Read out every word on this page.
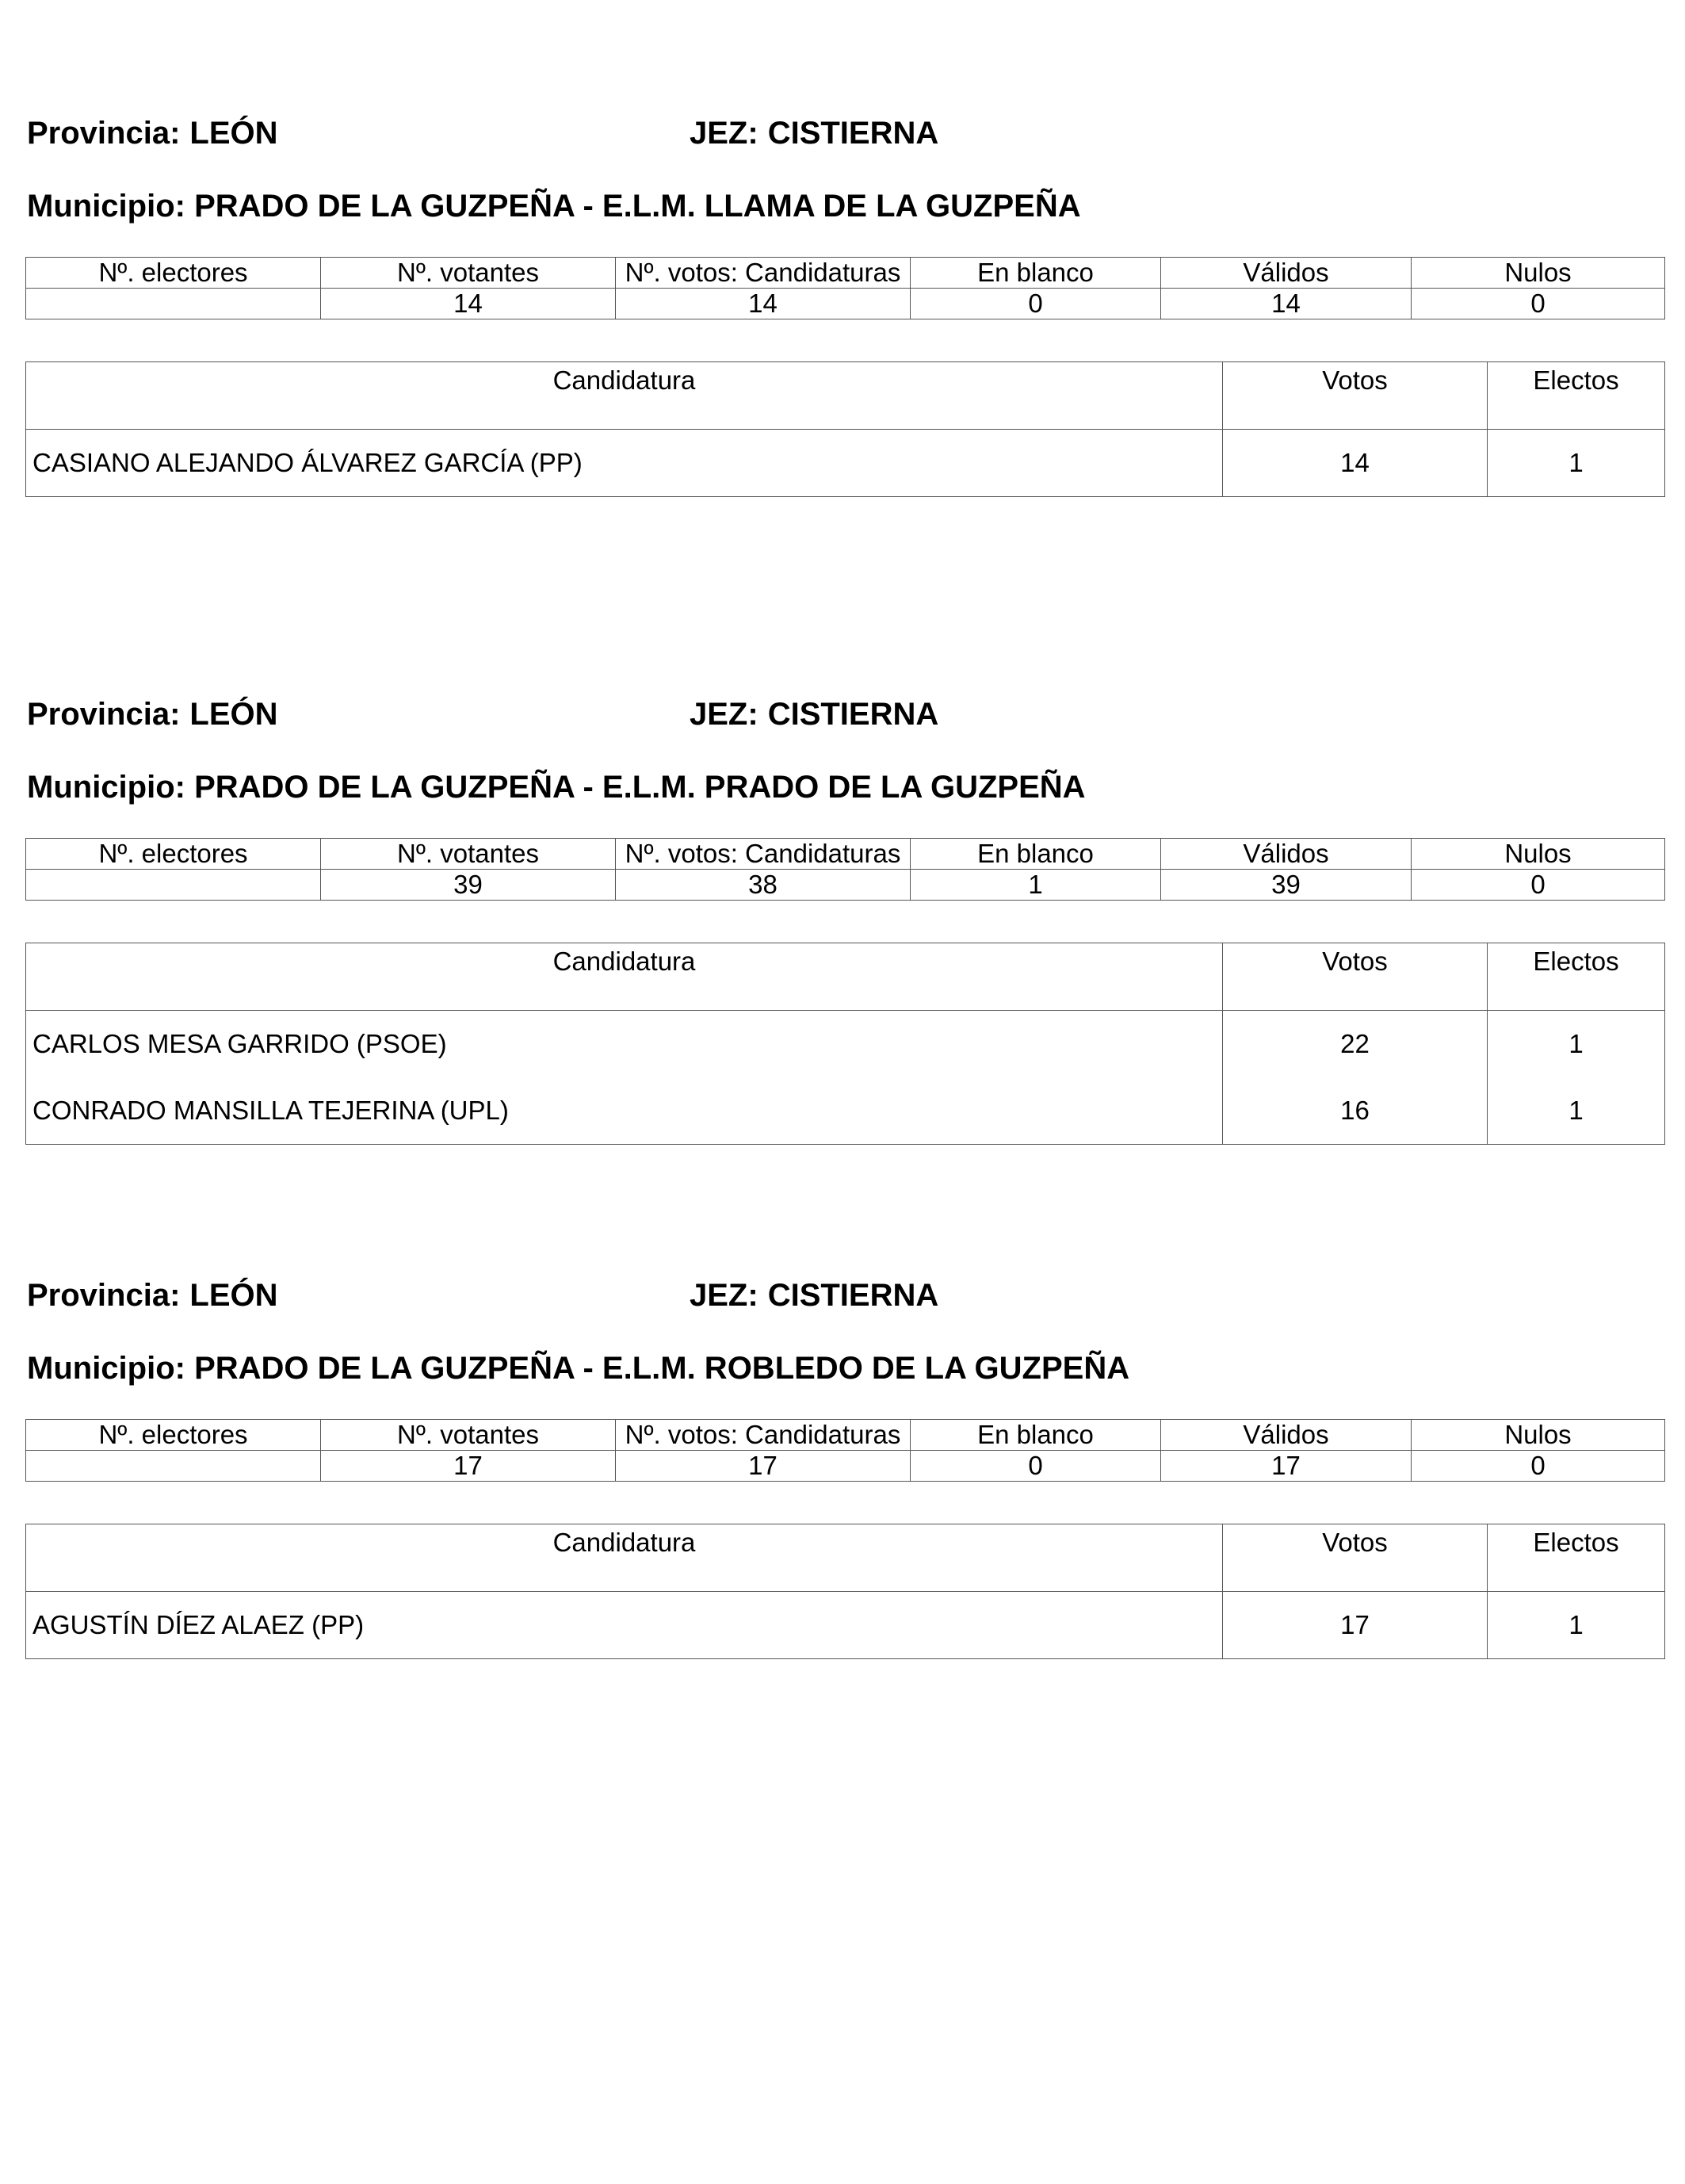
Provincia: LEÓN	JEZ: CISTIERNA
Municipio: PRADO DE LA GUZPEÑA - E.L.M. LLAMA DE LA GUZPEÑA
Nº. electores	Nº. votantes	Nº. votos: Candidaturas	En blanco	Válidos	Nulos
	14	14	0	14	0
Candidatura	Votos	Electos
CASIANO ALEJANDO ÁLVAREZ GARCÍA (PP)	14	1
Provincia: LEÓN	JEZ: CISTIERNA
Municipio: PRADO DE LA GUZPEÑA - E.L.M. PRADO DE LA GUZPEÑA
Nº. electores	Nº. votantes	Nº. votos: Candidaturas	En blanco	Válidos	Nulos
	39	38	1	39	0
Candidatura	Votos	Electos
CARLOS MESA GARRIDO (PSOE)	22	1
CONRADO MANSILLA TEJERINA (UPL)	16	1
Provincia: LEÓN	JEZ: CISTIERNA
Municipio: PRADO DE LA GUZPEÑA - E.L.M. ROBLEDO DE LA GUZPEÑA
Nº. electores	Nº. votantes	Nº. votos: Candidaturas	En blanco	Válidos	Nulos
	17	17	0	17	0
Candidatura	Votos	Electos
AGUSTÍN DÍEZ ALAEZ (PP)	17	1
